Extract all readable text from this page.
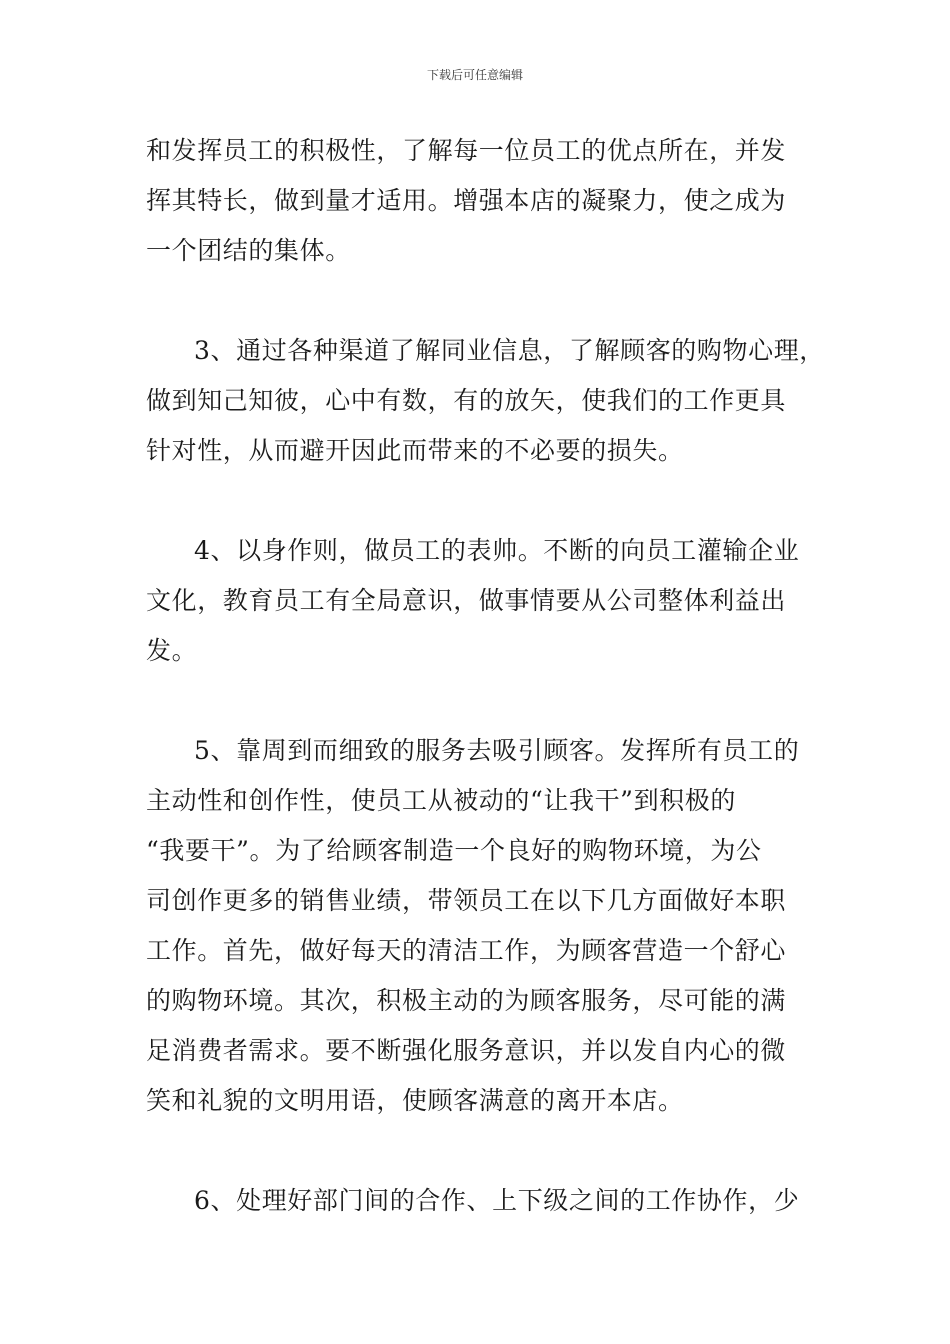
下载后可任意编辑
和发挥员工的积极性，了解每一位员工的优点所在，并发
挥其特长，做到量才适用。增强本店的凝聚力，使之成为
一个团结的集体。
3、通过各种渠道了解同业信息，了解顾客的购物心理，
做到知己知彼，心中有数，有的放矢，使我们的工作更具
针对性，从而避开因此而带来的不必要的损失。
4、以身作则，做员工的表帅。不断的向员工灌输企业
文化，教育员工有全局意识，做事情要从公司整体利益出
发。
5、靠周到而细致的服务去吸引顾客。发挥所有员工的
主动性和创作性，使员工从被动的“让我干”到积极的
“我要干”。为了给顾客制造一个良好的购物环境，为公
司创作更多的销售业绩，带领员工在以下几方面做好本职
工作。首先，做好每天的清洁工作，为顾客营造一个舒心
的购物环境。其次，积极主动的为顾客服务，尽可能的满
足消费者需求。要不断强化服务意识，并以发自内心的微
笑和礼貌的文明用语，使顾客满意的离开本店。
6、处理好部门间的合作、上下级之间的工作协作，少
